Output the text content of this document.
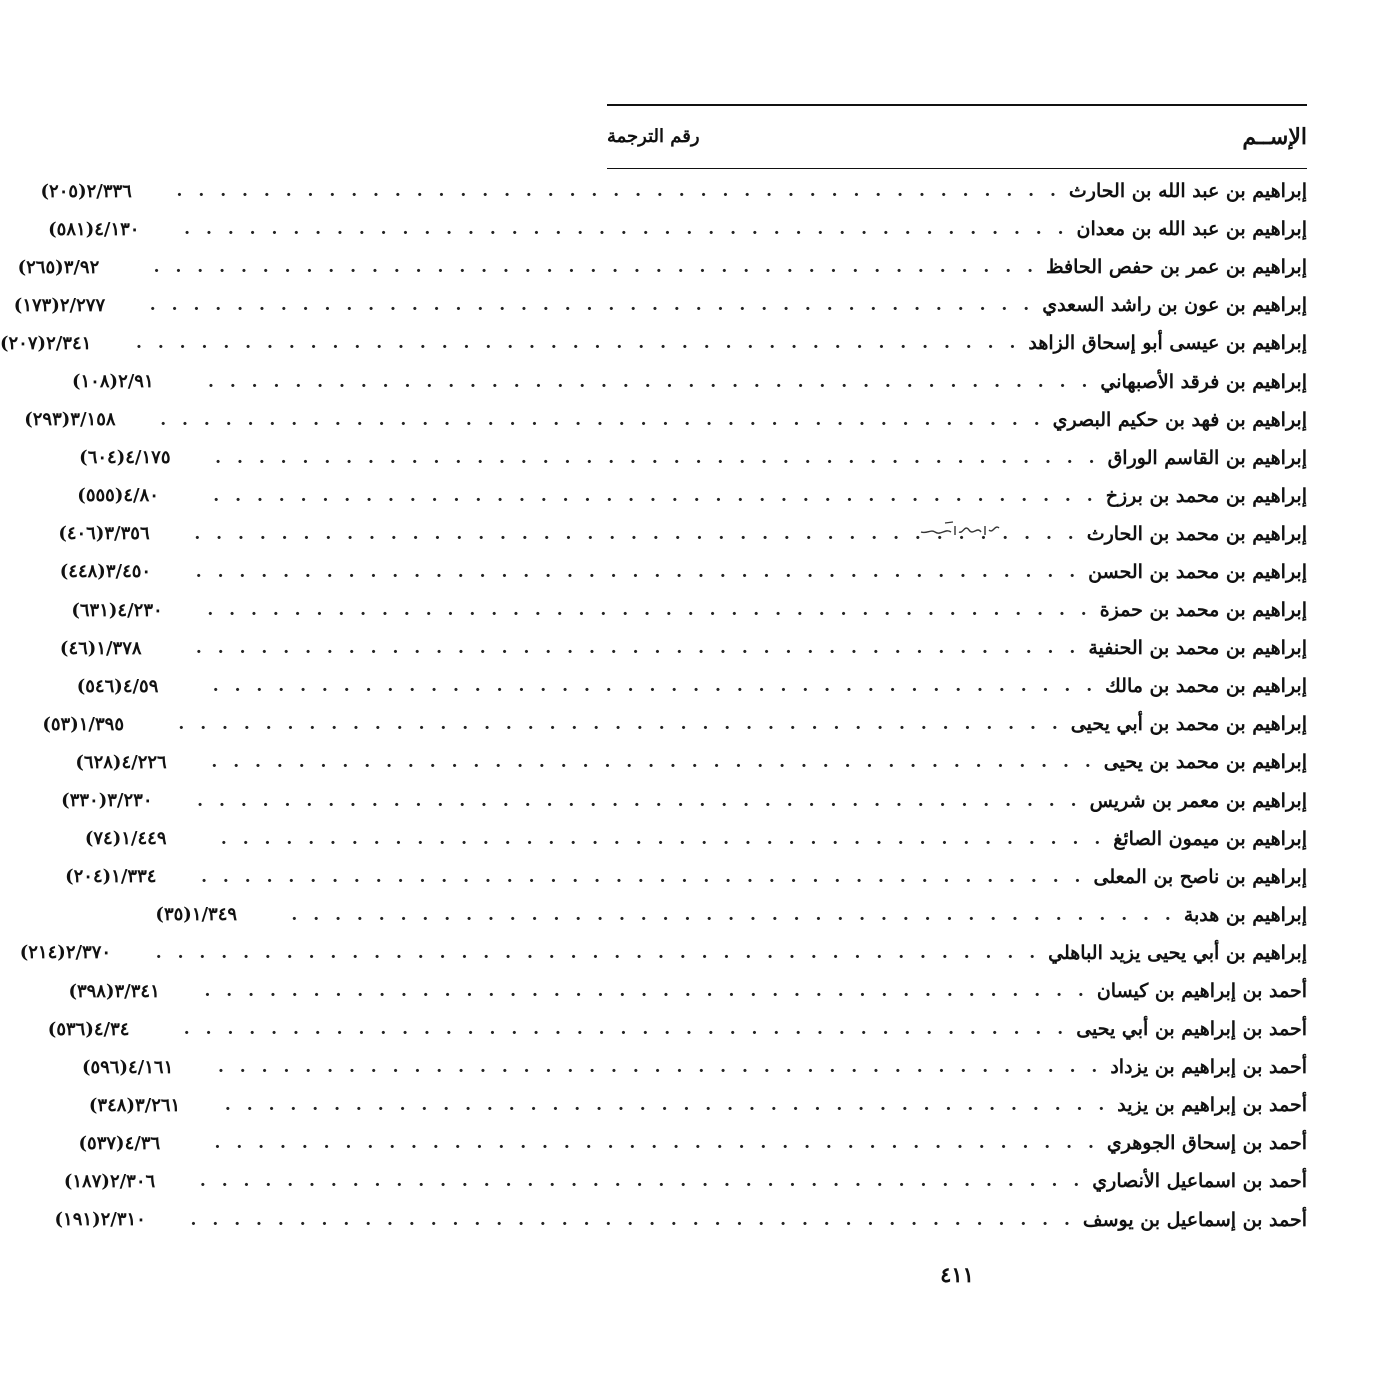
الإســم
رقم الترجمة
إبراهيم بن عبد الله بن الحارث
. . . . . . . . . . . . . . . . . . . . . . . . . . . . . . . . . . . . . . . . .
٢/٣٣٦(٢٠٥)
إبراهيم بن عبد الله بن معدان
. . . . . . . . . . . . . . . . . . . . . . . . . . . . . . . . . . . . . . . . .
٤/١٣٠(٥٨١)
إبراهيم بن عمر بن حفص الحافظ
. . . . . . . . . . . . . . . . . . . . . . . . . . . . . . . . . . . . . . . . .
٣/٩٢(٢٦٥)
إبراهيم بن عون بن راشد السعدي
. . . . . . . . . . . . . . . . . . . . . . . . . . . . . . . . . . . . . . . . .
٢/٢٧٧(١٧٣)
إبراهيم بن عيسى أبو إسحاق الزاهد
. . . . . . . . . . . . . . . . . . . . . . . . . . . . . . . . . . . . . . . . .
٢/٣٤١(٢٠٧)
إبراهيم بن فرقد الأصبهاني
. . . . . . . . . . . . . . . . . . . . . . . . . . . . . . . . . . . . . . . . .
٢/٩١(١٠٨)
إبراهيم بن فهد بن حكيم البصري
. . . . . . . . . . . . . . . . . . . . . . . . . . . . . . . . . . . . . . . . .
٣/١٥٨(٢٩٣)
إبراهيم بن القاسم الوراق
. . . . . . . . . . . . . . . . . . . . . . . . . . . . . . . . . . . . . . . . .
٤/١٧٥(٦٠٤)
إبراهيم بن محمد بن برزخ
. . . . . . . . . . . . . . . . . . . . . . . . . . . . . . . . . . . . . . . . .
٤/٨٠(٥٥٥)
إبراهيم بن محمد بن الحارث
. . . . . . . . . . . . . . . . . . . . . . . . . . . . . . . . . . . . . . . . .
٣/٣٥٦(٤٠٦)
إبراهيم بن محمد بن الحسن
. . . . . . . . . . . . . . . . . . . . . . . . . . . . . . . . . . . . . . . . .
٣/٤٥٠(٤٤٨)
إبراهيم بن محمد بن حمزة
. . . . . . . . . . . . . . . . . . . . . . . . . . . . . . . . . . . . . . . . .
٤/٢٣٠(٦٣١)
إبراهيم بن محمد بن الحنفية
. . . . . . . . . . . . . . . . . . . . . . . . . . . . . . . . . . . . . . . . .
١/٣٧٨(٤٦)
إبراهيم بن محمد بن مالك
. . . . . . . . . . . . . . . . . . . . . . . . . . . . . . . . . . . . . . . . .
٤/٥٩(٥٤٦)
إبراهيم بن محمد بن أبي يحيى
. . . . . . . . . . . . . . . . . . . . . . . . . . . . . . . . . . . . . . . . .
١/٣٩٥(٥٣)
إبراهيم بن محمد بن يحيى
. . . . . . . . . . . . . . . . . . . . . . . . . . . . . . . . . . . . . . . . .
٤/٢٢٦(٦٢٨)
إبراهيم بن معمر بن شريس
. . . . . . . . . . . . . . . . . . . . . . . . . . . . . . . . . . . . . . . . .
٣/٢٣٠(٣٣٠)
إبراهيم بن ميمون الصائغ
. . . . . . . . . . . . . . . . . . . . . . . . . . . . . . . . . . . . . . . . .
١/٤٤٩(٧٤)
إبراهيم بن ناصح بن المعلى
. . . . . . . . . . . . . . . . . . . . . . . . . . . . . . . . . . . . . . . . .
١/٣٣٤(٢٠٤)
إبراهيم بن هدبة
. . . . . . . . . . . . . . . . . . . . . . . . . . . . . . . . . . . . . . . . .
١/٣٤٩(٣٥)
إبراهيم بن أبي يحيى يزيد الباهلي
. . . . . . . . . . . . . . . . . . . . . . . . . . . . . . . . . . . . . . . . .
٢/٣٧٠(٢١٤)
أحمد بن إبراهيم بن كيسان
. . . . . . . . . . . . . . . . . . . . . . . . . . . . . . . . . . . . . . . . .
٣/٣٤١(٣٩٨)
أحمد بن إبراهيم بن أبي يحيى
. . . . . . . . . . . . . . . . . . . . . . . . . . . . . . . . . . . . . . . . .
٤/٣٤(٥٣٦)
أحمد بن إبراهيم بن يزداد
. . . . . . . . . . . . . . . . . . . . . . . . . . . . . . . . . . . . . . . . .
٤/١٦١(٥٩٦)
أحمد بن إبراهيم بن يزيد
. . . . . . . . . . . . . . . . . . . . . . . . . . . . . . . . . . . . . . . . .
٣/٢٦١(٣٤٨)
أحمد بن إسحاق الجوهري
. . . . . . . . . . . . . . . . . . . . . . . . . . . . . . . . . . . . . . . . .
٤/٣٦(٥٣٧)
أحمد بن اسماعيل الأنصاري
. . . . . . . . . . . . . . . . . . . . . . . . . . . . . . . . . . . . . . . . .
٢/٣٠٦(١٨٧)
أحمد بن إسماعيل بن يوسف
. . . . . . . . . . . . . . . . . . . . . . . . . . . . . . . . . . . . . . . . .
٢/٣١٠(١٩١)
٤١١
